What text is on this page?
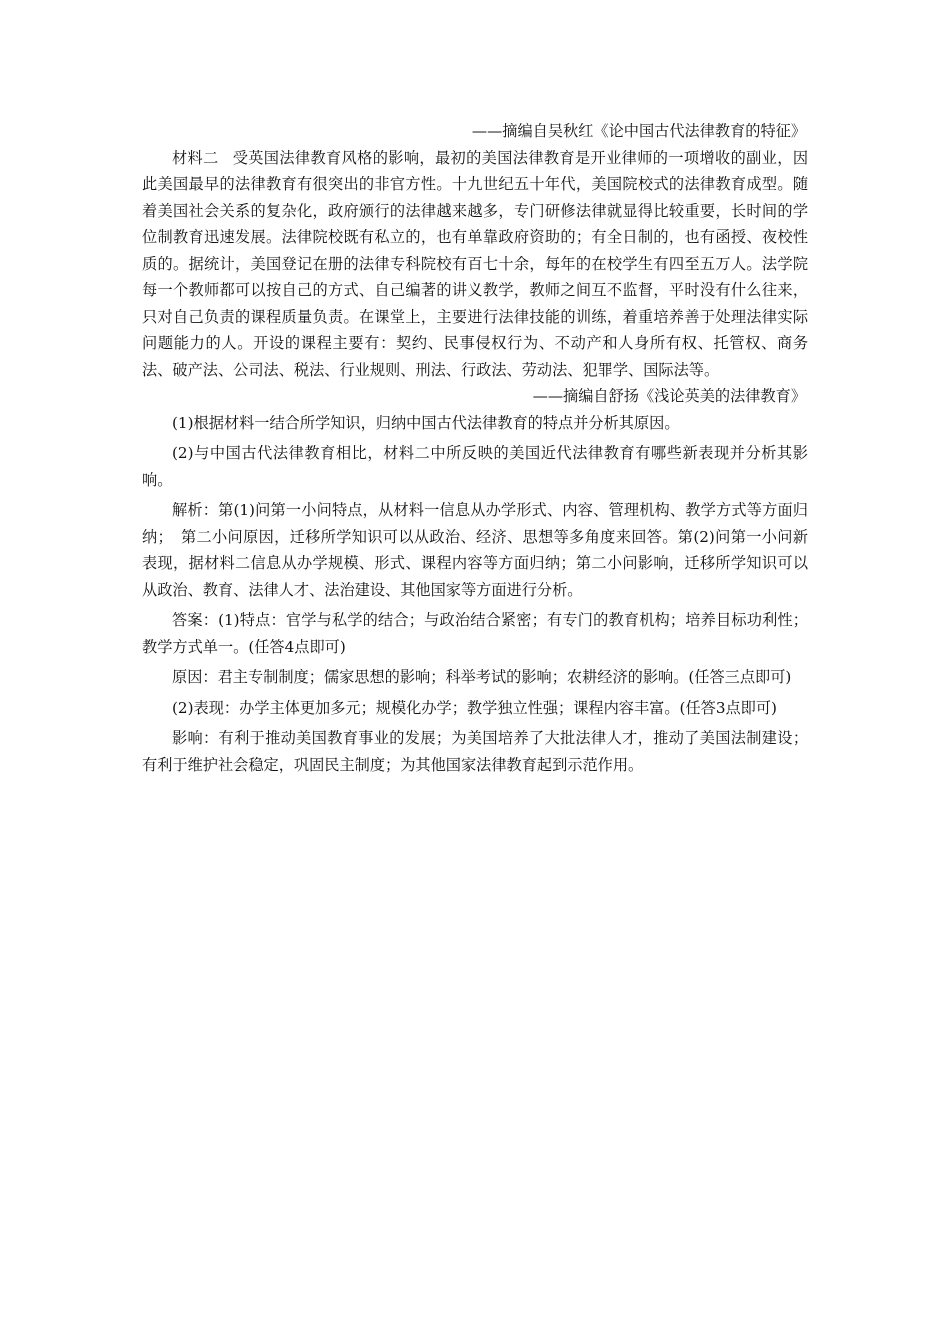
——摘编自吴秋红《论中国古代法律教育的特征》

材料二 受英国法律教育风格的影响，最初的美国法律教育是开业律师的一项增收的副业，因此美国最早的法律教育有很突出的非官方性。十九世纪五十年代，美国院校式的法律教育成型。随着美国社会关系的复杂化，政府颁行的法律越来越多，专门研修法律就显得比较重要，长时间的学位制教育迅速发展。法律院校既有私立的，也有单靠政府资助的；有全日制的，也有函授、夜校性质的。据统计，美国登记在册的法律专科院校有百七十余，每年的在校学生有四至五万人。法学院每一个教师都可以按自己的方式、自己编著的讲义教学，教师之间互不监督，平时没有什么往来，只对自己负责的课程质量负责。在课堂上，主要进行法律技能的训练，着重培养善于处理法律实际问题能力的人。开设的课程主要有：契约、民事侵权行为、不动产和人身所有权、托管权、商务法、破产法、公司法、税法、行业规则、刑法、行政法、劳动法、犯罪学、国际法等。

——摘编自舒扬《浅论英美的法律教育》

(1)根据材料一结合所学知识，归纳中国古代法律教育的特点并分析其原因。

(2)与中国古代法律教育相比，材料二中所反映的美国近代法律教育有哪些新表现并分析其影响。

解析：第(1)问第一小问特点，从材料一信息从办学形式、内容、管理机构、教学方式等方面归纳；　第二小问原因，迁移所学知识可以从政治、经济、思想等多角度来回答。第(2)问第一小问新表现，据材料二信息从办学规模、形式、课程内容等方面归纳；第二小问影响，迁移所学知识可以从政治、教育、法律人才、法治建设、其他国家等方面进行分析。

答案：(1)特点：官学与私学的结合；与政治结合紧密；有专门的教育机构；培养目标功利性；教学方式单一。(任答4点即可)

原因：君主专制制度；儒家思想的影响；科举考试的影响；农耕经济的影响。(任答三点即可)

(2)表现：办学主体更加多元；规模化办学；教学独立性强；课程内容丰富。(任答3点即可)

影响：有利于推动美国教育事业的发展；为美国培养了大批法律人才，推动了美国法制建设；有利于维护社会稳定，巩固民主制度；为其他国家法律教育起到示范作用。
